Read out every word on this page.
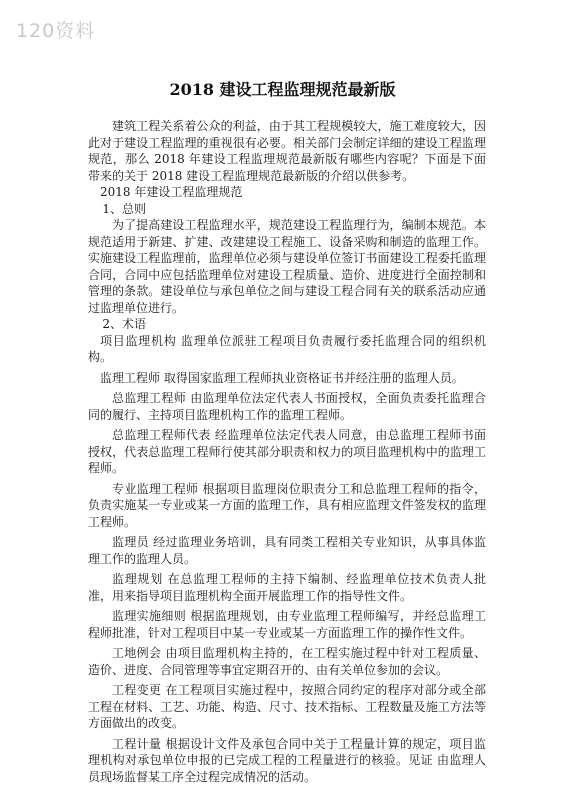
120资料
2018 建设工程监理规范最新版

建筑工程关系着公众的利益，由于其工程规模较大，施工难度较大，因此对于建设工程监理的重视很有必要。相关部门会制定详细的建设工程监理规范，那么 2018 年建设工程监理规范最新版有哪些内容呢？下面是下面带来的关于 2018 建设工程监理规范最新版的介绍以供参考。

2018 年建设工程监理规范

1、总则

为了提高建设工程监理水平，规范建设工程监理行为，编制本规范。本规范适用于新建、扩建、改建建设工程施工、设备采购和制造的监理工作。实施建设工程监理前，监理单位必须与建设单位签订书面建设工程委托监理合同，合同中应包括监理单位对建设工程质量、造价、进度进行全面控制和管理的条款。建设单位与承包单位之间与建设工程合同有关的联系活动应通过监理单位进行。

2、术语

项目监理机构 监理单位派驻工程项目负责履行委托监理合同的组织机构。

监理工程师 取得国家监理工程师执业资格证书并经注册的监理人员。

总监理工程师 由监理单位法定代表人书面授权，全面负责委托监理合同的履行、主持项目监理机构工作的监理工程师。

总监理工程师代表 经监理单位法定代表人同意，由总监理工程师书面授权，代表总监理工程师行使其部分职责和权力的项目监理机构中的监理工程师。

专业监理工程师 根据项目监理岗位职责分工和总监理工程师的指令，负责实施某一专业或某一方面的监理工作，具有相应监理文件签发权的监理工程师。

监理员 经过监理业务培训，具有同类工程相关专业知识，从事具体监理工作的监理人员。

监理规划 在总监理工程师的主持下编制、经监理单位技术负责人批准，用来指导项目监理机构全面开展监理工作的指导性文件。

监理实施细则 根据监理规划，由专业监理工程师编写，并经总监理工程师批准，针对工程项目中某一专业或某一方面监理工作的操作性文件。

工地例会 由项目监理机构主持的，在工程实施过程中针对工程质量、造价、进度、合同管理等事宜定期召开的、由有关单位参加的会议。

工程变更 在工程项目实施过程中，按照合同约定的程序对部分或全部工程在材料、工艺、功能、构造、尺寸、技术指标、工程数量及施工方法等方面做出的改变。

工程计量 根据设计文件及承包合同中关于工程量计算的规定，项目监理机构对承包单位申报的已完成工程的工程量进行的核验。见证 由监理人员现场监督某工序全过程完成情况的活动。
